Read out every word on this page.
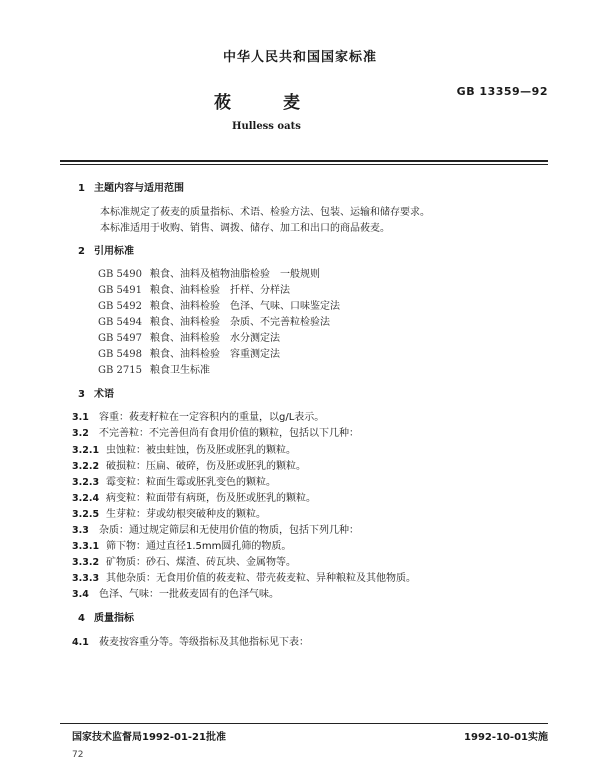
中华人民共和国国家标准
GB 13359—92
莜麦
Hulless oats
1 主题内容与适用范围
本标准规定了莜麦的质量指标、术语、检验方法、包装、运输和储存要求。
本标准适用于收购、销售、调拨、储存、加工和出口的商品莜麦。
2 引用标准
GB 5490 粮食、油料及植物油脂检验　一般规则
GB 5491 粮食、油料检验　扦样、分样法
GB 5492 粮食、油料检验　色泽、气味、口味鉴定法
GB 5494 粮食、油料检验　杂质、不完善粒检验法
GB 5497 粮食、油料检验　水分测定法
GB 5498 粮食、油料检验　容重测定法
GB 2715 粮食卫生标准
3 术语
3.1 容重：莜麦籽粒在一定容积内的重量，以g/L表示。
3.2 不完善粒：不完善但尚有食用价值的颗粒，包括以下几种：
3.2.1 虫蚀粒：被虫蛀蚀，伤及胚或胚乳的颗粒。
3.2.2 破损粒：压扁、破碎，伤及胚或胚乳的颗粒。
3.2.3 霉变粒：粒面生霉或胚乳变色的颗粒。
3.2.4 病变粒：粒面带有病斑，伤及胚或胚乳的颗粒。
3.2.5 生芽粒：芽或幼根突破种皮的颗粒。
3.3 杂质：通过规定筛层和无使用价值的物质，包括下列几种：
3.3.1 筛下物：通过直径1.5mm圆孔筛的物质。
3.3.2 矿物质：砂石、煤渣、砖瓦块、金属物等。
3.3.3 其他杂质：无食用价值的莜麦粒、带壳莜麦粒、异种粮粒及其他物质。
3.4 色泽、气味：一批莜麦固有的色泽气味。
4 质量指标
4.1 莜麦按容重分等。等级指标及其他指标见下表：
国家技术监督局1992-01-21批准	1992-10-01实施
72
